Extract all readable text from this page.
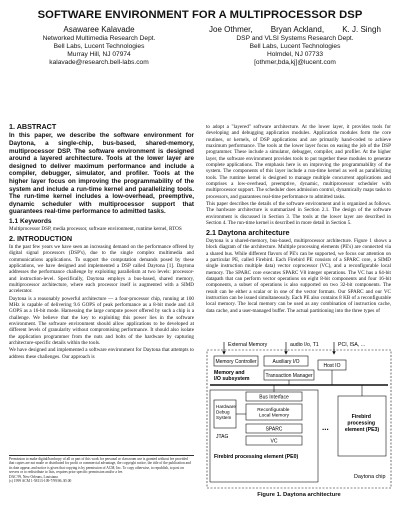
SOFTWARE ENVIRONMENT FOR A MULTIPROCESSOR DSP
Asawaree Kalavade
Networked Multimedia Research Dept.
Bell Labs, Lucent Technologies
Murray Hill, NJ 07974
kalavade@research.bell-labs.com
Joe Othmer, Bryan Ackland, K. J. Singh
DSP and VLSI Systems Research Dept.
Bell Labs, Lucent Technologies
Holmdel, NJ 07733
[othmer,bda,kj]@lucent.com
1. ABSTRACT

In this paper, we describe the software environment for Daytona, a single-chip, bus-based, shared-memory, multiprocessor DSP. The software environment is designed around a layered architecture. Tools at the lower layer are designed to deliver maximum performance and include a compiler, debugger, simulator, and profiler. Tools at the higher layer focus on improving the programmability of the system and include a run-time kernel and parallelizing tools. The run-time kernel includes a low-overhead, preemptive, dynamic scheduler with multiprocessor support that guarantees real-time performance to admitted tasks.

1.1 Keywords

Multiprocessor DSP, media processor, software environment, runtime kernel, RTOS

2. INTRODUCTION

In the past few years we have seen an increasing demand on the performance offered by digital signal processors (DSP's), due to the single complex multimedia and communications applications. To support the computation demands posed by these applications, we have designed and implemented a DSP called Daytona [1]. Daytona addresses the performance challenge by exploiting parallelism at two levels: processor- and instruction-level. Specifically, Daytona employs a bus-based, shared memory, multiprocessor architecture, where each processor itself is augmented with a SIMD accelerator.

Daytona is a reasonably powerful architecture — a four-processor chip, running at 100 MHz is capable of delivering 9.6 GOPS of peak performance as a 8-bit mode and 4.8 GOPS as a 16-bit mode. Harnessing the large compute power offered by such a chip is a challenge. We believe that the key to exploiting this power lies in the software environment. The software environment should allow applications to be developed at different levels of granularity without compromising performance. It should also isolate the application programmer from the nuts and bolts of the hardware by capturing architecture-specific details within the tools.

We have designed and implemented a software environment for Daytona that attempts to address these challenges. Our approach is

Permission to make digital/hardcopy of all or part of this work for personal or classroom use is granted without fee provided that copies are not made or distributed for profit or commercial advantage, the copyright notice, the title of the publication and its date appear, and notice is given that copying is by permission of ACM, Inc. To copy otherwise, to republish, to post on servers or to redistribute to lists, requires prior specific permission and/or a fee.
DAC 99, New Orleans, Louisiana
(c) 1999 ACM 1-58113-109-7/99/06..$5.00

to adopt a "layered" software architecture. At the lower layer, it provides tools for developing and debugging application modules. Application modules form the core routines, or kernels, of DSP applications and are primarily hand-coded to achieve maximum performance. The tools at the lower layer focus on easing the job of the DSP programmer. These include a simulator, debugger, compiler, and profiler. At the higher layer, the software environment provides tools to put together these modules to generate complete applications. The emphasis here is on improving the programmability of the system. The components of this layer include a run-time kernel as well as parallelizing tools. The runtime kernel is designed to manage multiple concurrent applications and comprises a low-overhead, preemptive, dynamic, multiprocessor scheduler with multiprocessor support. The scheduler does admission control, dynamically maps tasks to processors, and guarantees real-time performance to admitted tasks.

This paper describes the details of the software environment and is organized as follows. The hardware architecture is summarized in Section 2.1. The design of the software environment is discussed in Section 3. The tools at the lower layer are described in Section 4. The run-time kernel is described in more detail in Section 5.

2.1 Daytona architecture

Daytona is a shared-memory, bus-based, multiprocessor architecture. Figure 1 shows a block diagram of the architecture. Multiple processing elements (PE's) are connected via a shared bus. While different flavors of PE's can be supported, we focus our attention on a particular PE, called Firebird. Each Firebird PE consists of a SPARC core, a SIMD single instruction multiple data) vector coprocessor (VC), and a reconfigurable local memory. The SPARC core executes SPARC V8 integer operations. The VC has a 64-bit datapath that can perform vector operations on eight 8-bit components and four 16-bit components, a subset of operations is also supported on two 32-bit components. The result can be either a scalar or in one of the vector formats. Our SPARC and our VC instruction can be issued simultaneously. Each PE also contains 8 KB of a reconfigurable local memory. The local memory can be used as any combination of instruction cache, data cache, and a user-managed buffer. The actual partitioning into the three types of

External Memory	audio I/o, T1	PCI, ISA, ...
Memory Controller	Auxiliary I/O
Host IO
Memory and I/O subsystem	Transaction Manager
Hardware Debug System
JTAG
Bus Interface
Reconfigurable Local Memory
SPARC
VC
Firebird processing element (PE0)
...
Firebird processing element (PE3)
Daytona chip
Figure 1. Daytona architecture
